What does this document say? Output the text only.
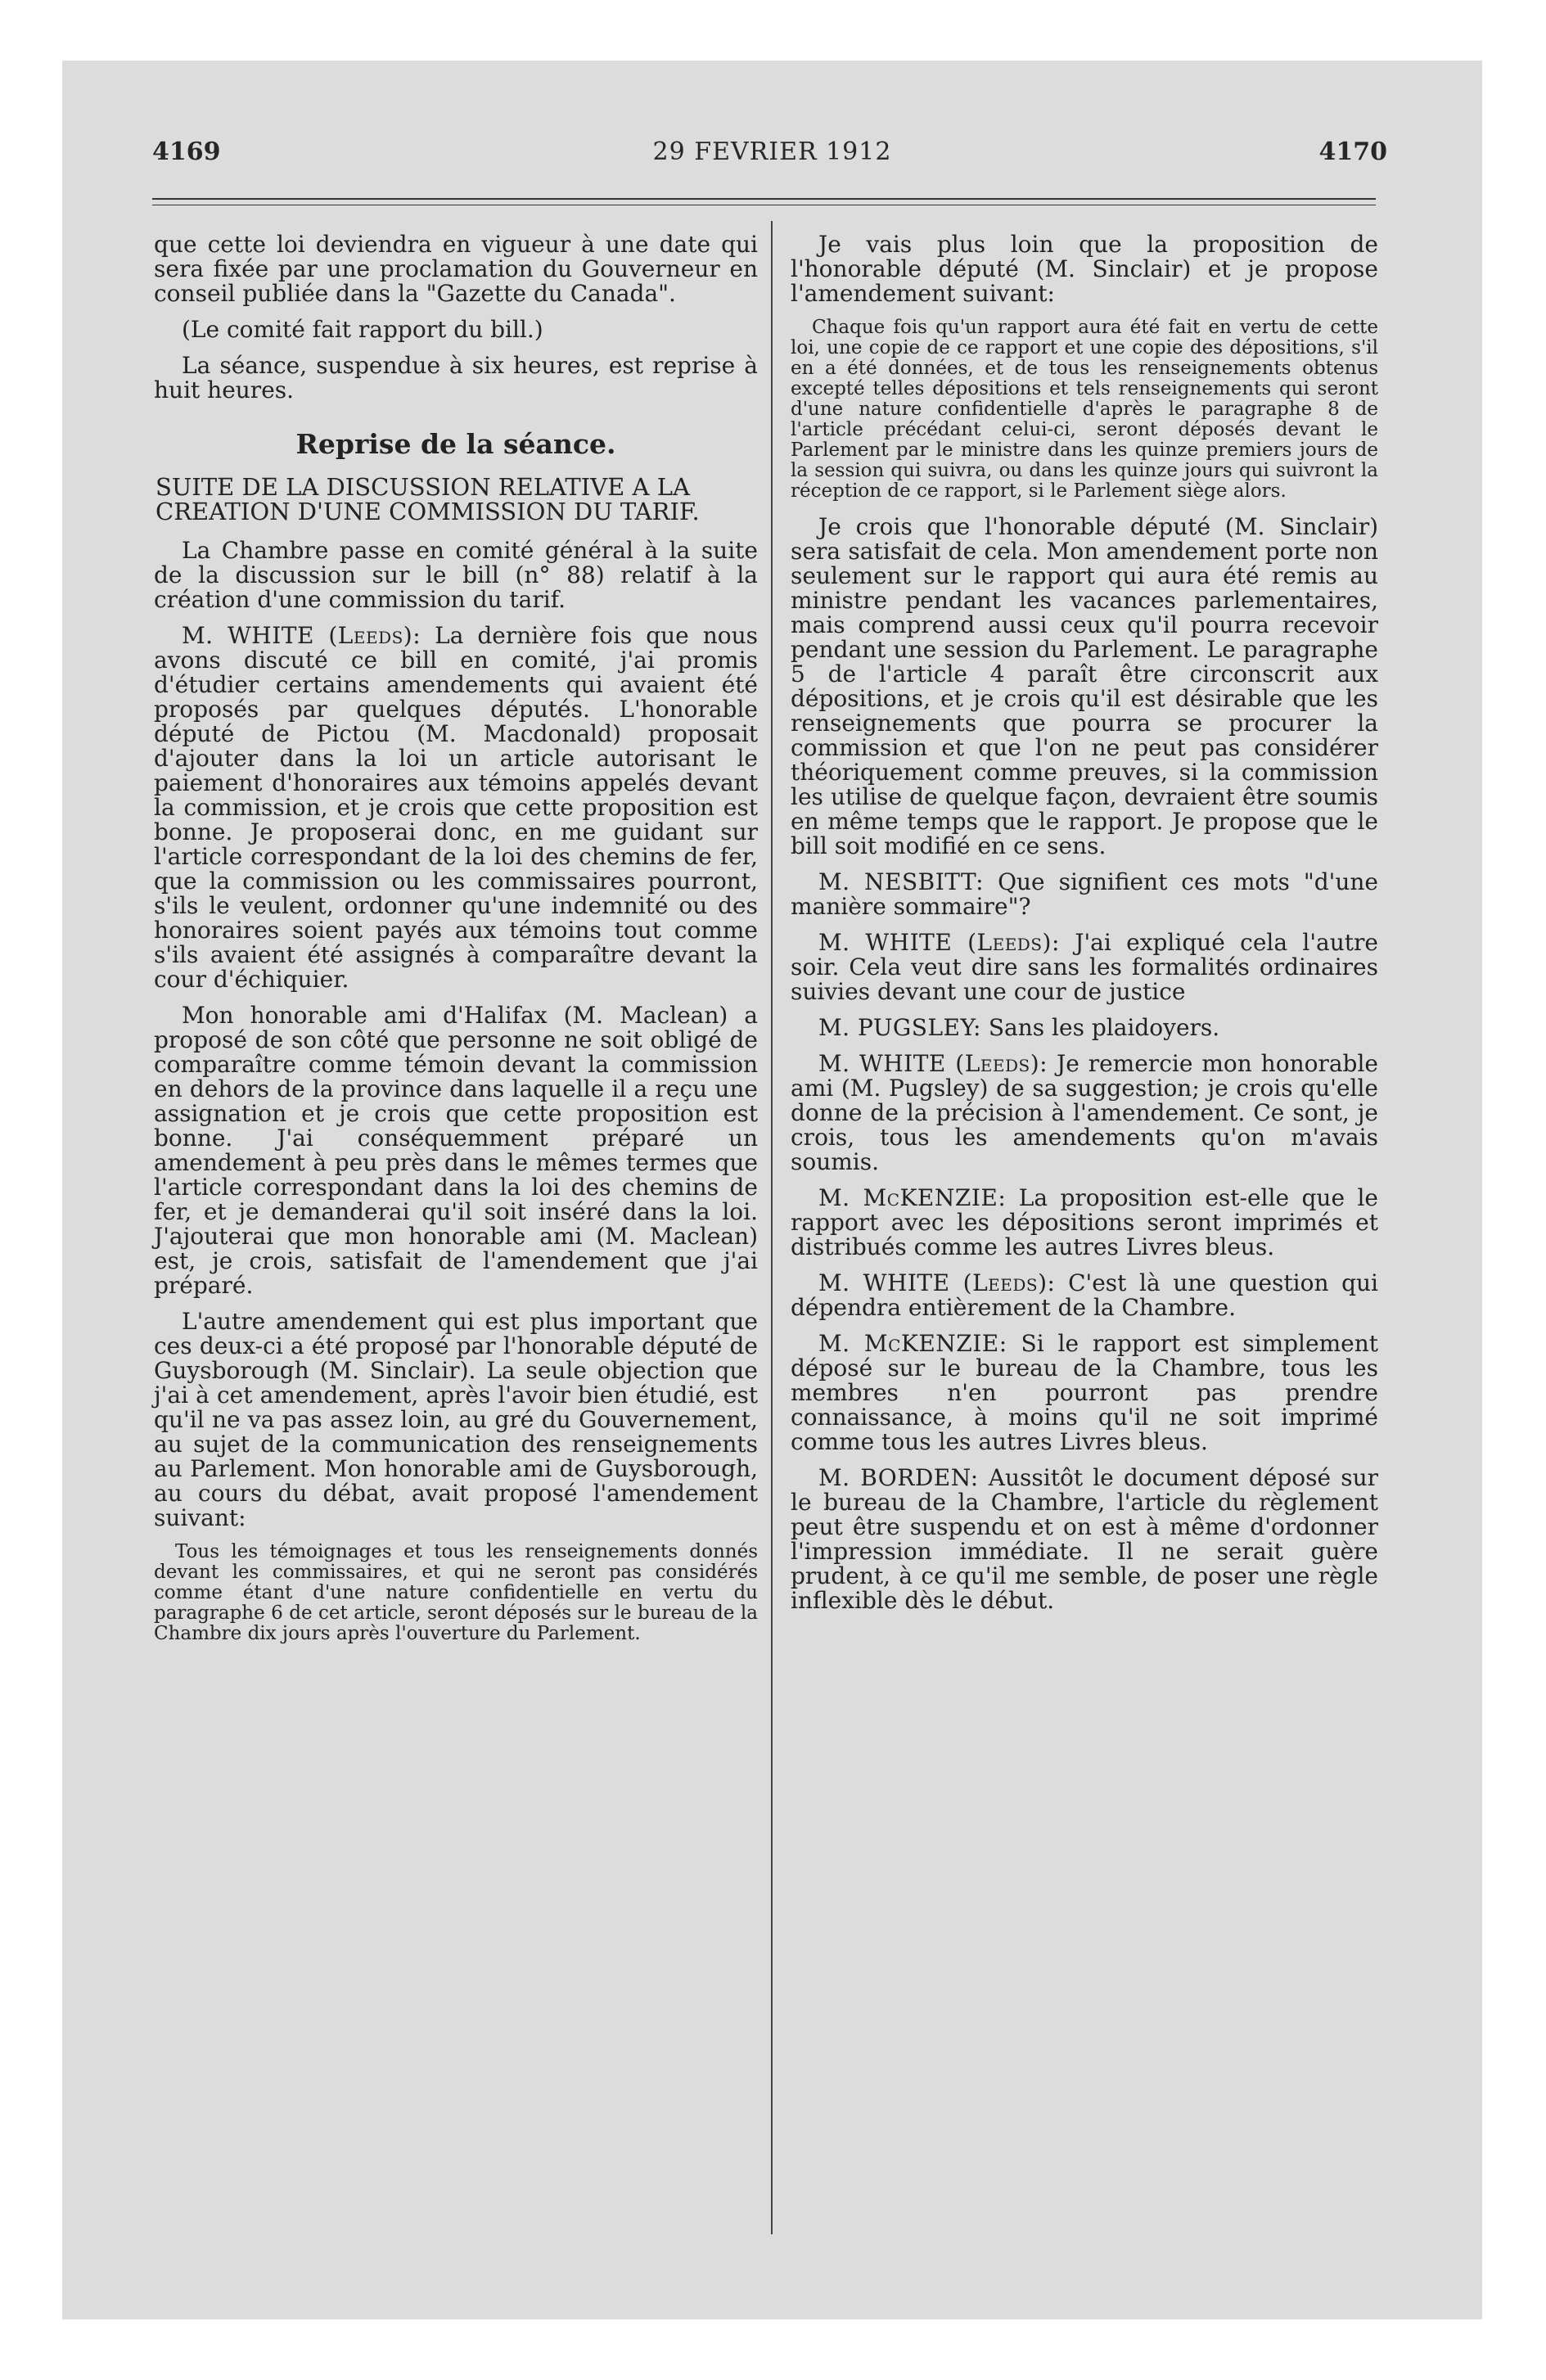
4169	29 FEVRIER 1912	4170

que cette loi deviendra en vigueur à une date qui sera fixée par une proclamation du Gouverneur en conseil publiée dans la "Gazette du Canada".

(Le comité fait rapport du bill.)

La séance, suspendue à six heures, est reprise à huit heures.

Reprise de la séance.
SUITE DE LA DISCUSSION RELATIVE A LA CREATION D'UNE COMMISSION DU TARIF.

La Chambre passe en comité général à la suite de la discussion sur le bill (n° 88) relatif à la création d'une commission du tarif.

M. WHITE (Leeds): La dernière fois que nous avons discuté ce bill en comité, j'ai promis d'étudier certains amendements qui avaient été proposés par quelques députés. L'honorable député de Pictou (M. Macdonald) proposait d'ajouter dans la loi un article autorisant le paiement d'honoraires aux témoins appelés devant la commission, et je crois que cette proposition est bonne. Je proposerai donc, en me guidant sur l'article correspondant de la loi des chemins de fer, que la commission ou les commissaires pourront, s'ils le veulent, ordonner qu'une indemnité ou des honoraires soient payés aux témoins tout comme s'ils avaient été assignés à comparaître devant la cour d'échiquier.

Mon honorable ami d'Halifax (M. Maclean) a proposé de son côté que personne ne soit obligé de comparaître comme témoin devant la commission en dehors de la province dans laquelle il a reçu une assignation et je crois que cette proposition est bonne. J'ai conséquemment préparé un amendement à peu près dans le mêmes termes que l'article correspondant dans la loi des chemins de fer, et je demanderai qu'il soit inséré dans la loi. J'ajouterai que mon honorable ami (M. Maclean) est, je crois, satisfait de l'amendement que j'ai préparé.

L'autre amendement qui est plus important que ces deux-ci a été proposé par l'honorable député de Guysborough (M. Sinclair). La seule objection que j'ai à cet amendement, après l'avoir bien étudié, est qu'il ne va pas assez loin, au gré du Gouvernement, au sujet de la communication des renseignements au Parlement. Mon honorable ami de Guysborough, au cours du débat, avait proposé l'amendement suivant:

Tous les témoignages et tous les renseignements donnés devant les commissaires, et qui ne seront pas considérés comme étant d'une nature confidentielle en vertu du paragraphe 6 de cet article, seront déposés sur le bureau de la Chambre dix jours après l'ouverture du Parlement.

Je vais plus loin que la proposition de l'honorable député (M. Sinclair) et je propose l'amendement suivant:

Chaque fois qu'un rapport aura été fait en vertu de cette loi, une copie de ce rapport et une copie des dépositions, s'il en a été données, et de tous les renseignements obtenus excepté telles dépositions et tels renseignements qui seront d'une nature confidentielle d'après le paragraphe 8 de l'article précédant celui-ci, seront déposés devant le Parlement par le ministre dans les quinze premiers jours de la session qui suivra, ou dans les quinze jours qui suivront la réception de ce rapport, si le Parlement siège alors.

Je crois que l'honorable député (M. Sinclair) sera satisfait de cela. Mon amendement porte non seulement sur le rapport qui aura été remis au ministre pendant les vacances parlementaires, mais comprend aussi ceux qu'il pourra recevoir pendant une session du Parlement. Le paragraphe 5 de l'article 4 paraît être circonscrit aux dépositions, et je crois qu'il est désirable que les renseignements que pourra se procurer la commission et que l'on ne peut pas considérer théoriquement comme preuves, si la commission les utilise de quelque façon, devraient être soumis en même temps que le rapport. Je propose que le bill soit modifié en ce sens.

M. NESBITT: Que signifient ces mots "d'une manière sommaire"?

M. WHITE (Leeds): J'ai expliqué cela l'autre soir. Cela veut dire sans les formalités ordinaires suivies devant une cour de justice

M. PUGSLEY: Sans les plaidoyers.

M. WHITE (Leeds): Je remercie mon honorable ami (M. Pugsley) de sa suggestion; je crois qu'elle donne de la précision à l'amendement. Ce sont, je crois, tous les amendements qu'on m'avais soumis.

M. McKENZIE: La proposition est-elle que le rapport avec les dépositions seront imprimés et distribués comme les autres Livres bleus.

M. WHITE (Leeds): C'est là une question qui dépendra entièrement de la Chambre.

M. McKENZIE: Si le rapport est simplement déposé sur le bureau de la Chambre, tous les membres n'en pourront pas prendre connaissance, à moins qu'il ne soit imprimé comme tous les autres Livres bleus.

M. BORDEN: Aussitôt le document déposé sur le bureau de la Chambre, l'article du règlement peut être suspendu et on est à même d'ordonner l'impression immédiate. Il ne serait guère prudent, à ce qu'il me semble, de poser une règle inflexible dès le début.
